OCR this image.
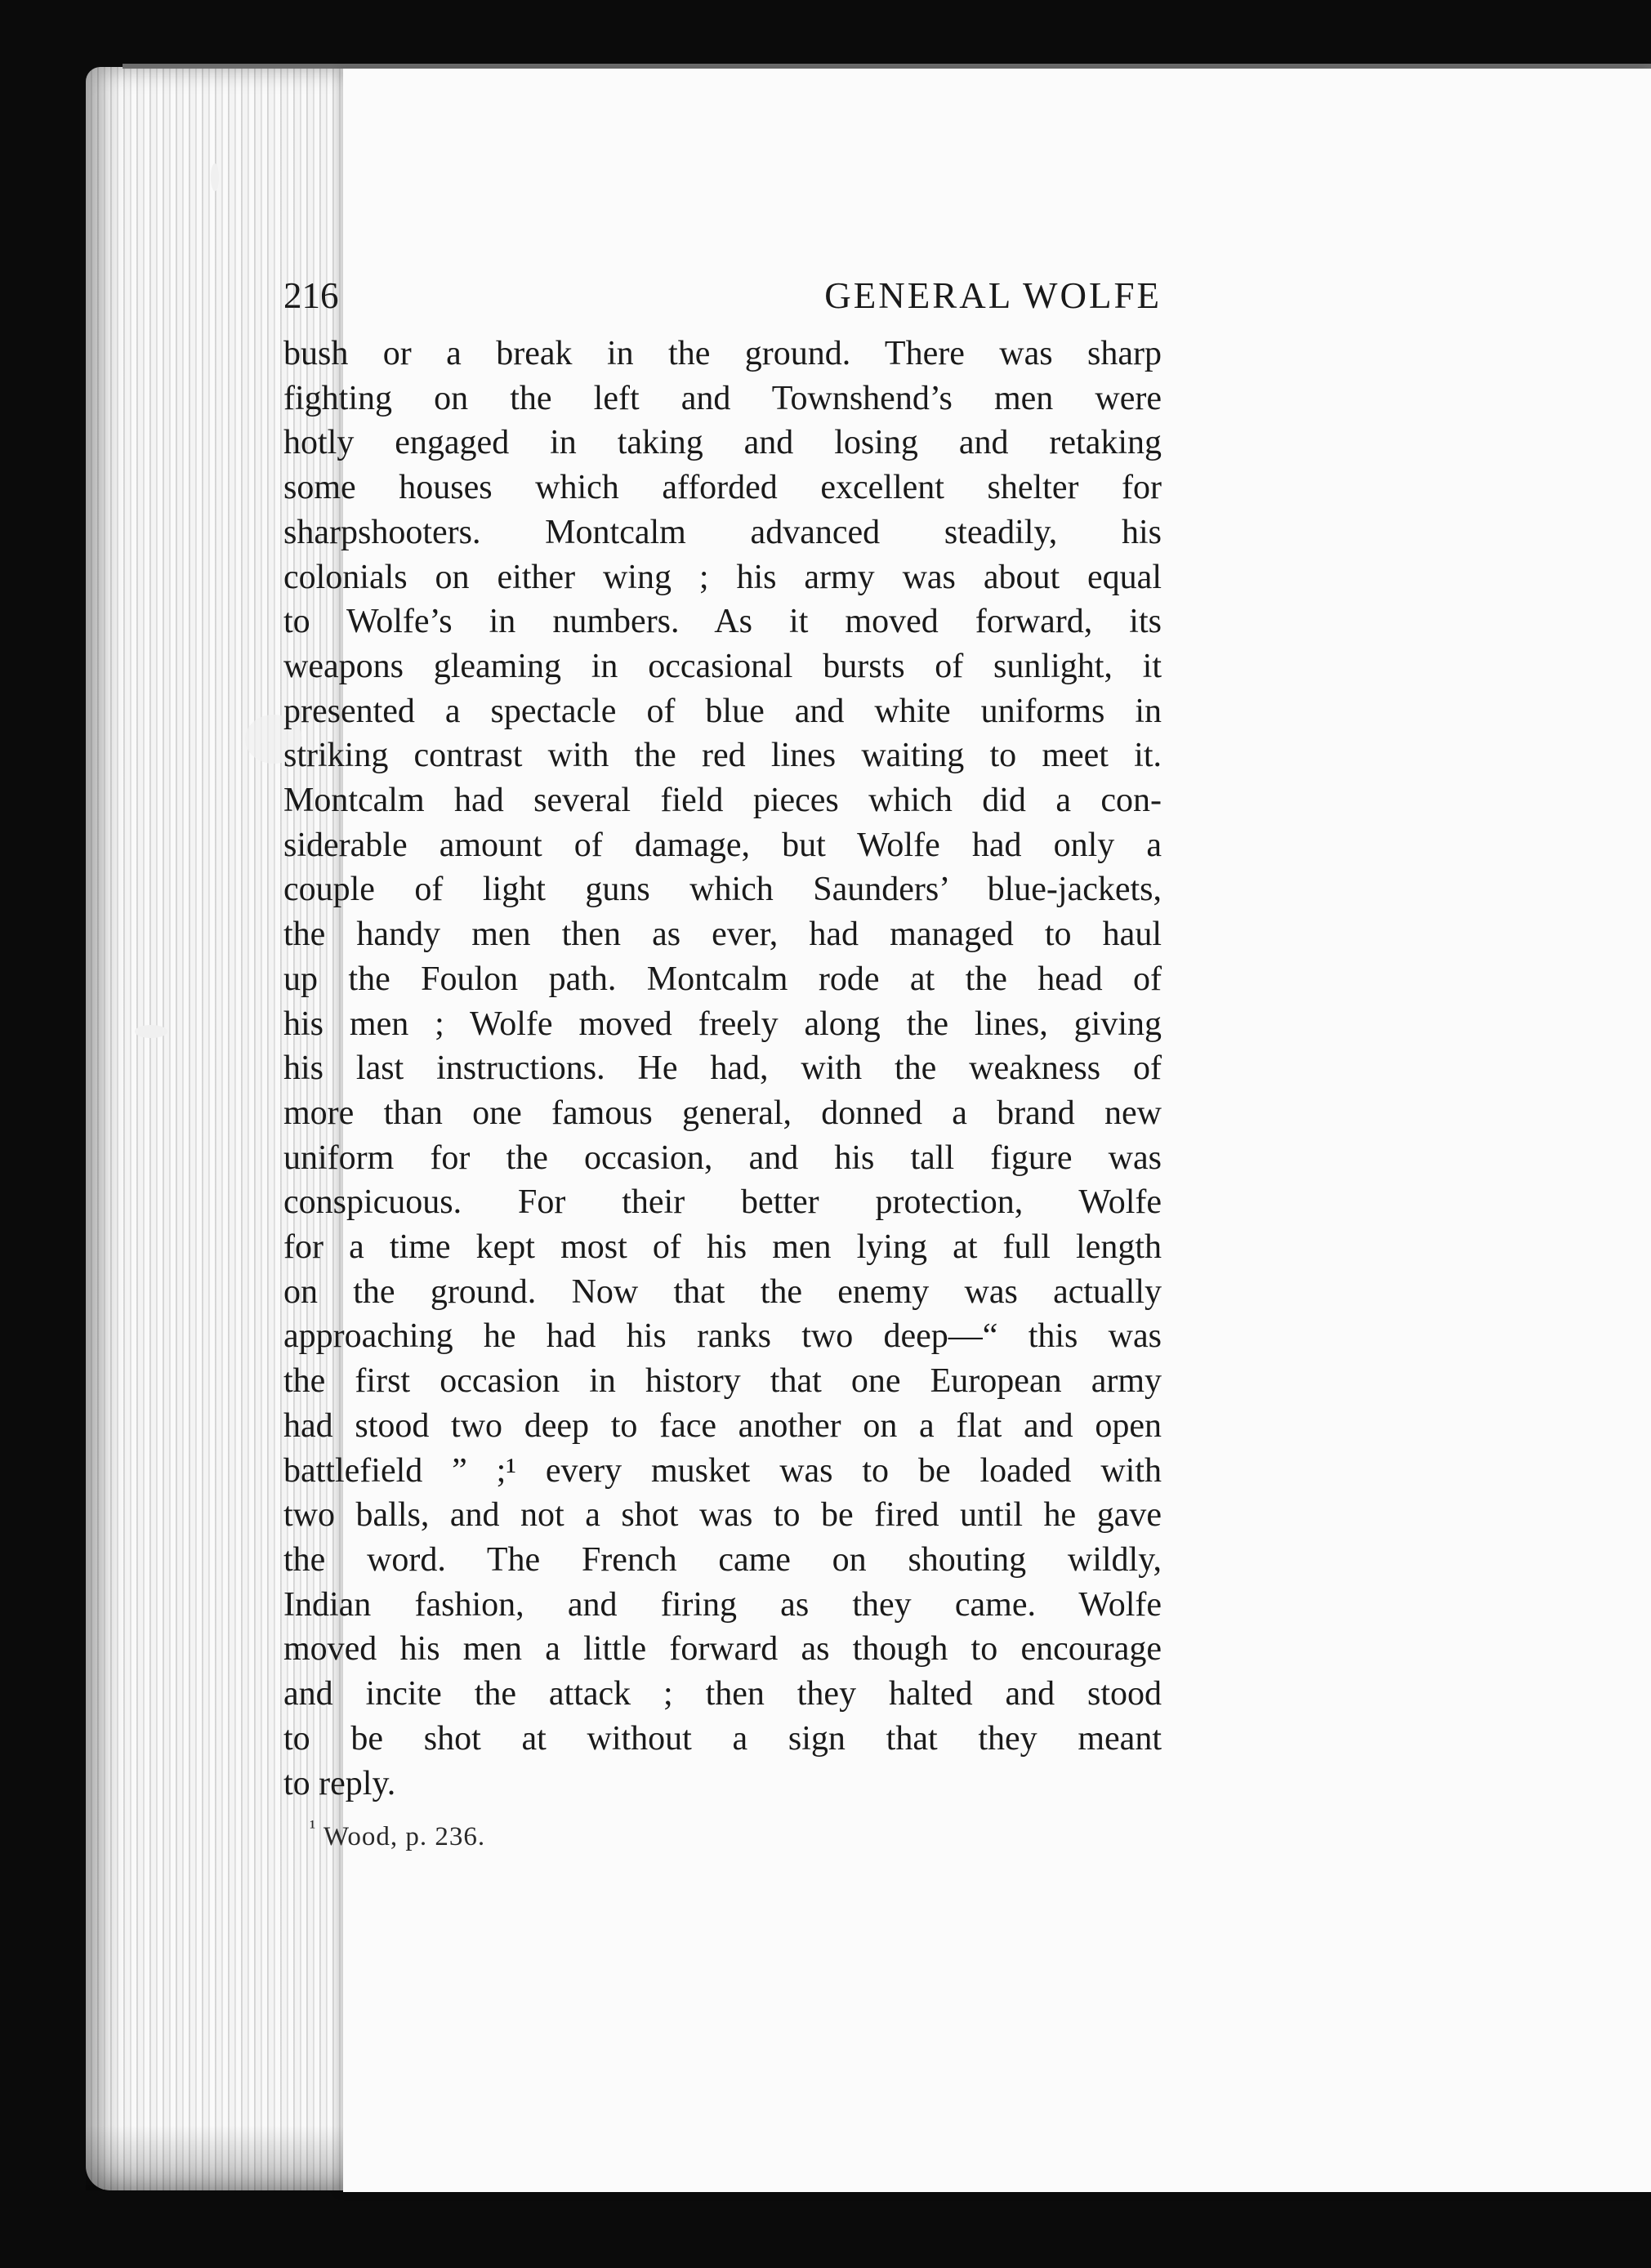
216	GENERAL WOLFE
bush or a break in the ground. There was sharp
fighting on the left and Townshend’s men were
hotly engaged in taking and losing and retaking
some houses which afforded excellent shelter for
sharpshooters. Montcalm advanced steadily, his
colonials on either wing ; his army was about equal
to Wolfe’s in numbers. As it moved forward, its
weapons gleaming in occasional bursts of sunlight, it
presented a spectacle of blue and white uniforms in
striking contrast with the red lines waiting to meet it.
Montcalm had several field pieces which did a con-
siderable amount of damage, but Wolfe had only a
couple of light guns which Saunders’ blue-jackets,
the handy men then as ever, had managed to haul
up the Foulon path. Montcalm rode at the head of
his men ; Wolfe moved freely along the lines, giving
his last instructions. He had, with the weakness of
more than one famous general, donned a brand new
uniform for the occasion, and his tall figure was
conspicuous. For their better protection, Wolfe
for a time kept most of his men lying at full length
on the ground. Now that the enemy was actually
approaching he had his ranks two deep—“ this was
the first occasion in history that one European army
had stood two deep to face another on a flat and open
battlefield ” ;¹ every musket was to be loaded with
two balls, and not a shot was to be fired until he gave
the word. The French came on shouting wildly,
Indian fashion, and firing as they came. Wolfe
moved his men a little forward as though to encourage
and incite the attack ; then they halted and stood
to be shot at without a sign that they meant
to reply.
$^{^1}$ Wood, p. 236.
